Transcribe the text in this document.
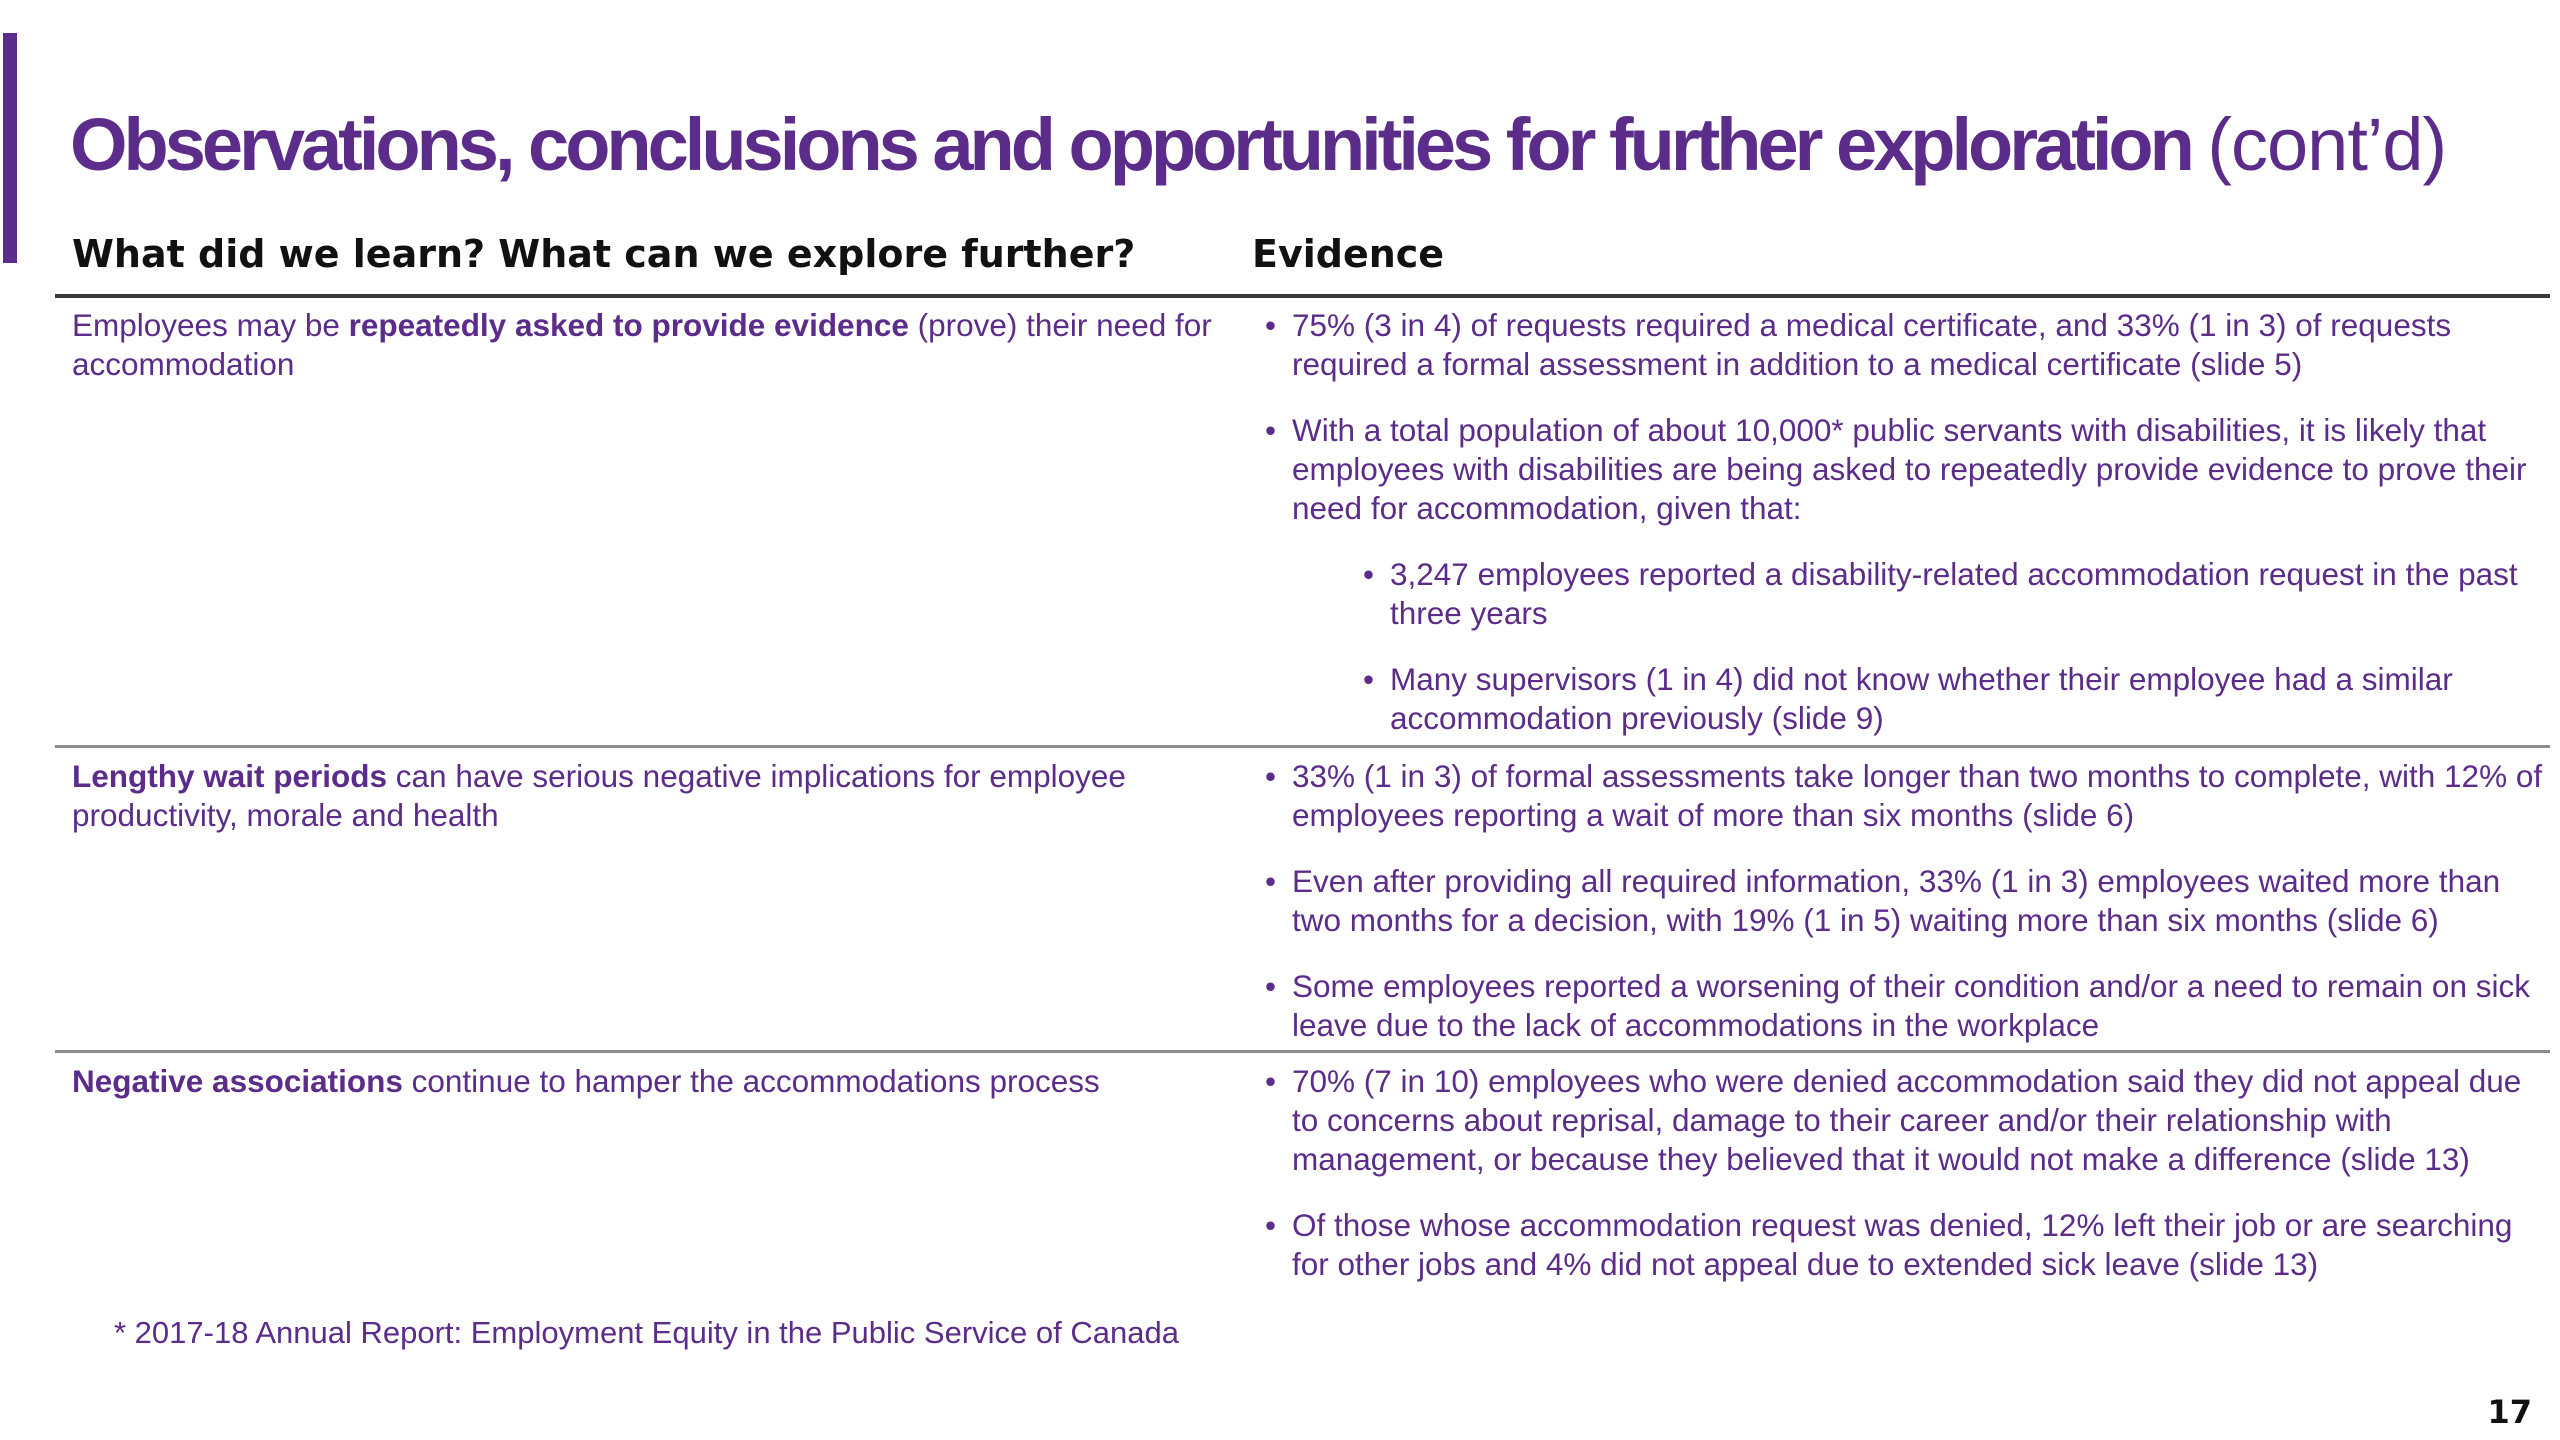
Observations, conclusions and opportunities for further exploration (cont’d)
What did we learn? What can we explore further?	Evidence

Employees may be repeatedly asked to provide evidence (prove) their need for accommodation

• 75% (3 in 4) of requests required a medical certificate, and 33% (1 in 3) of requests required a formal assessment in addition to a medical certificate (slide 5)
• With a total population of about 10,000* public servants with disabilities, it is likely that employees with disabilities are being asked to repeatedly provide evidence to prove their need for accommodation, given that:
• 3,247 employees reported a disability-related accommodation request in the past three years
• Many supervisors (1 in 4) did not know whether their employee had a similar accommodation previously (slide 9)

Lengthy wait periods can have serious negative implications for employee productivity, morale and health

• 33% (1 in 3) of formal assessments take longer than two months to complete, with 12% of employees reporting a wait of more than six months (slide 6)
• Even after providing all required information, 33% (1 in 3) employees waited more than two months for a decision, with 19% (1 in 5) waiting more than six months (slide 6)
• Some employees reported a worsening of their condition and/or a need to remain on sick leave due to the lack of accommodations in the workplace

Negative associations continue to hamper the accommodations process

•	70% (7 in 10) employees who were denied accommodation said they did not appeal due to concerns about reprisal, damage to their career and/or their relationship with management, or because they believed that it would not make a difference (slide 13)
• Of those whose accommodation request was denied, 12% left their job or are searching for other jobs and 4% did not appeal due to extended sick leave (slide 13)

* 2017-18 Annual Report: Employment Equity in the Public Service of Canada

17
